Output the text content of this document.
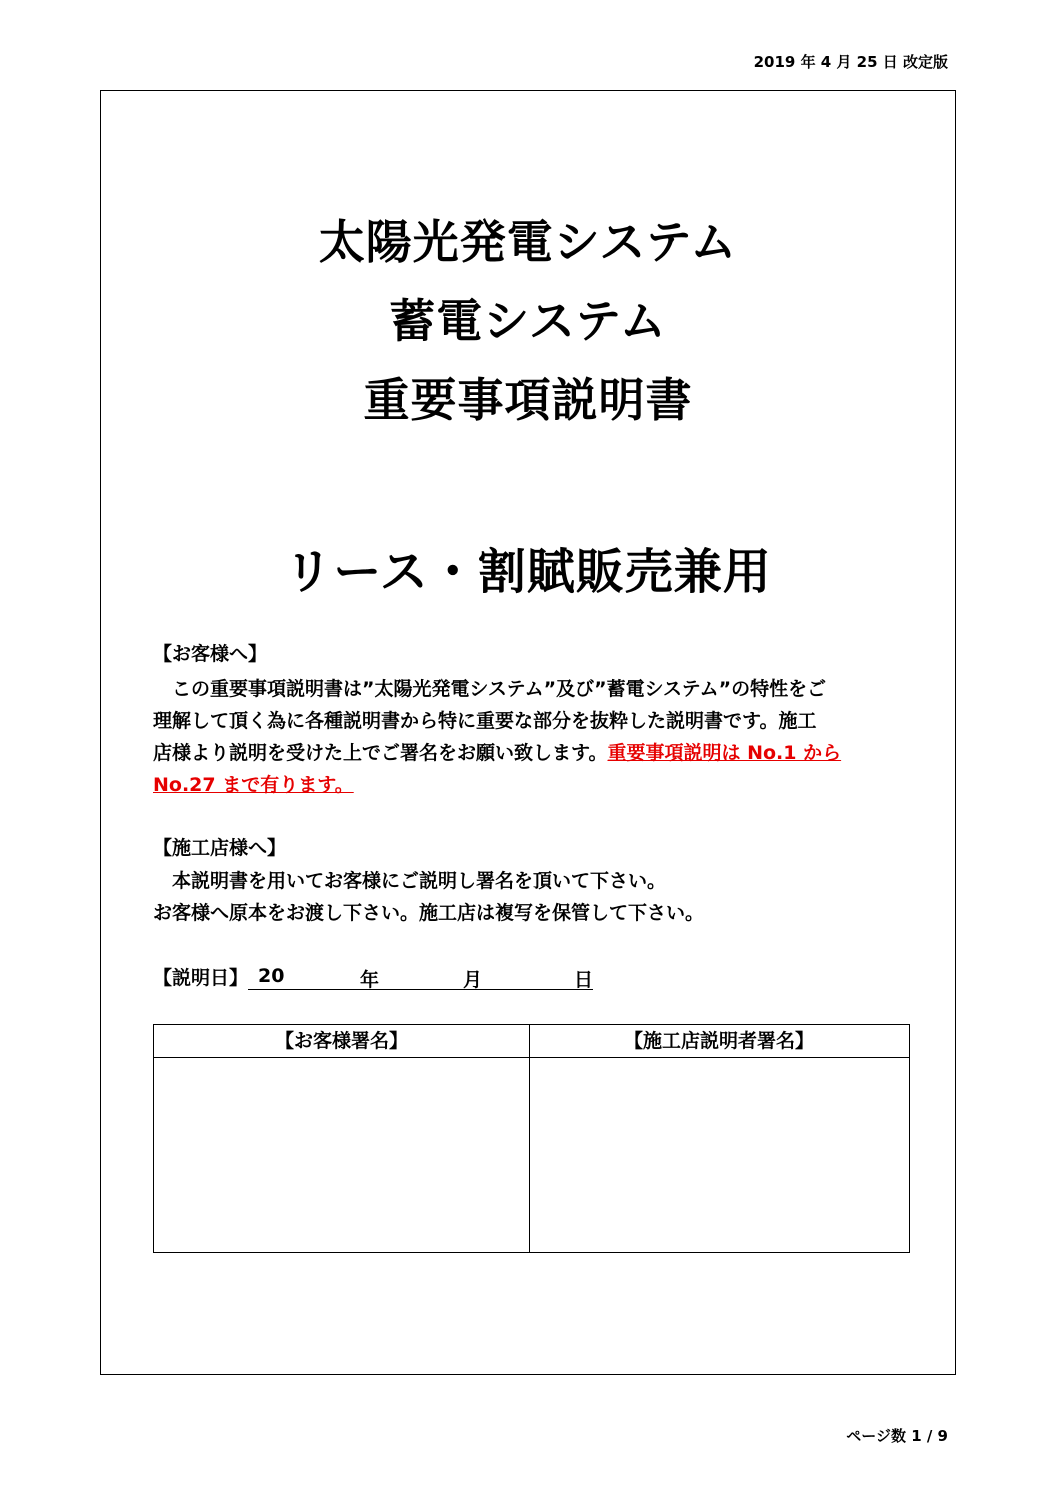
2019 年 4 月 25 日 改定版
太陽光発電システム
蓄電システム
重要事項説明書
リース・割賦販売兼用
【お客様へ】
　この重要事項説明書は”太陽光発電システム”及び”蓄電システム”の特性をご
理解して頂く為に各種説明書から特に重要な部分を抜粋した説明書です。施工
店様より説明を受けた上でご署名をお願い致します。重要事項説明は No.1 から
No.27 まで有ります。
【施工店様へ】
　本説明書を用いてお客様にご説明し署名を頂いて下さい。
お客様へ原本をお渡し下さい。施工店は複写を保管して下さい。
【説明日】 20	年	月	日
【お客様署名】	【施工店説明者署名】
ページ数 1 / 9
